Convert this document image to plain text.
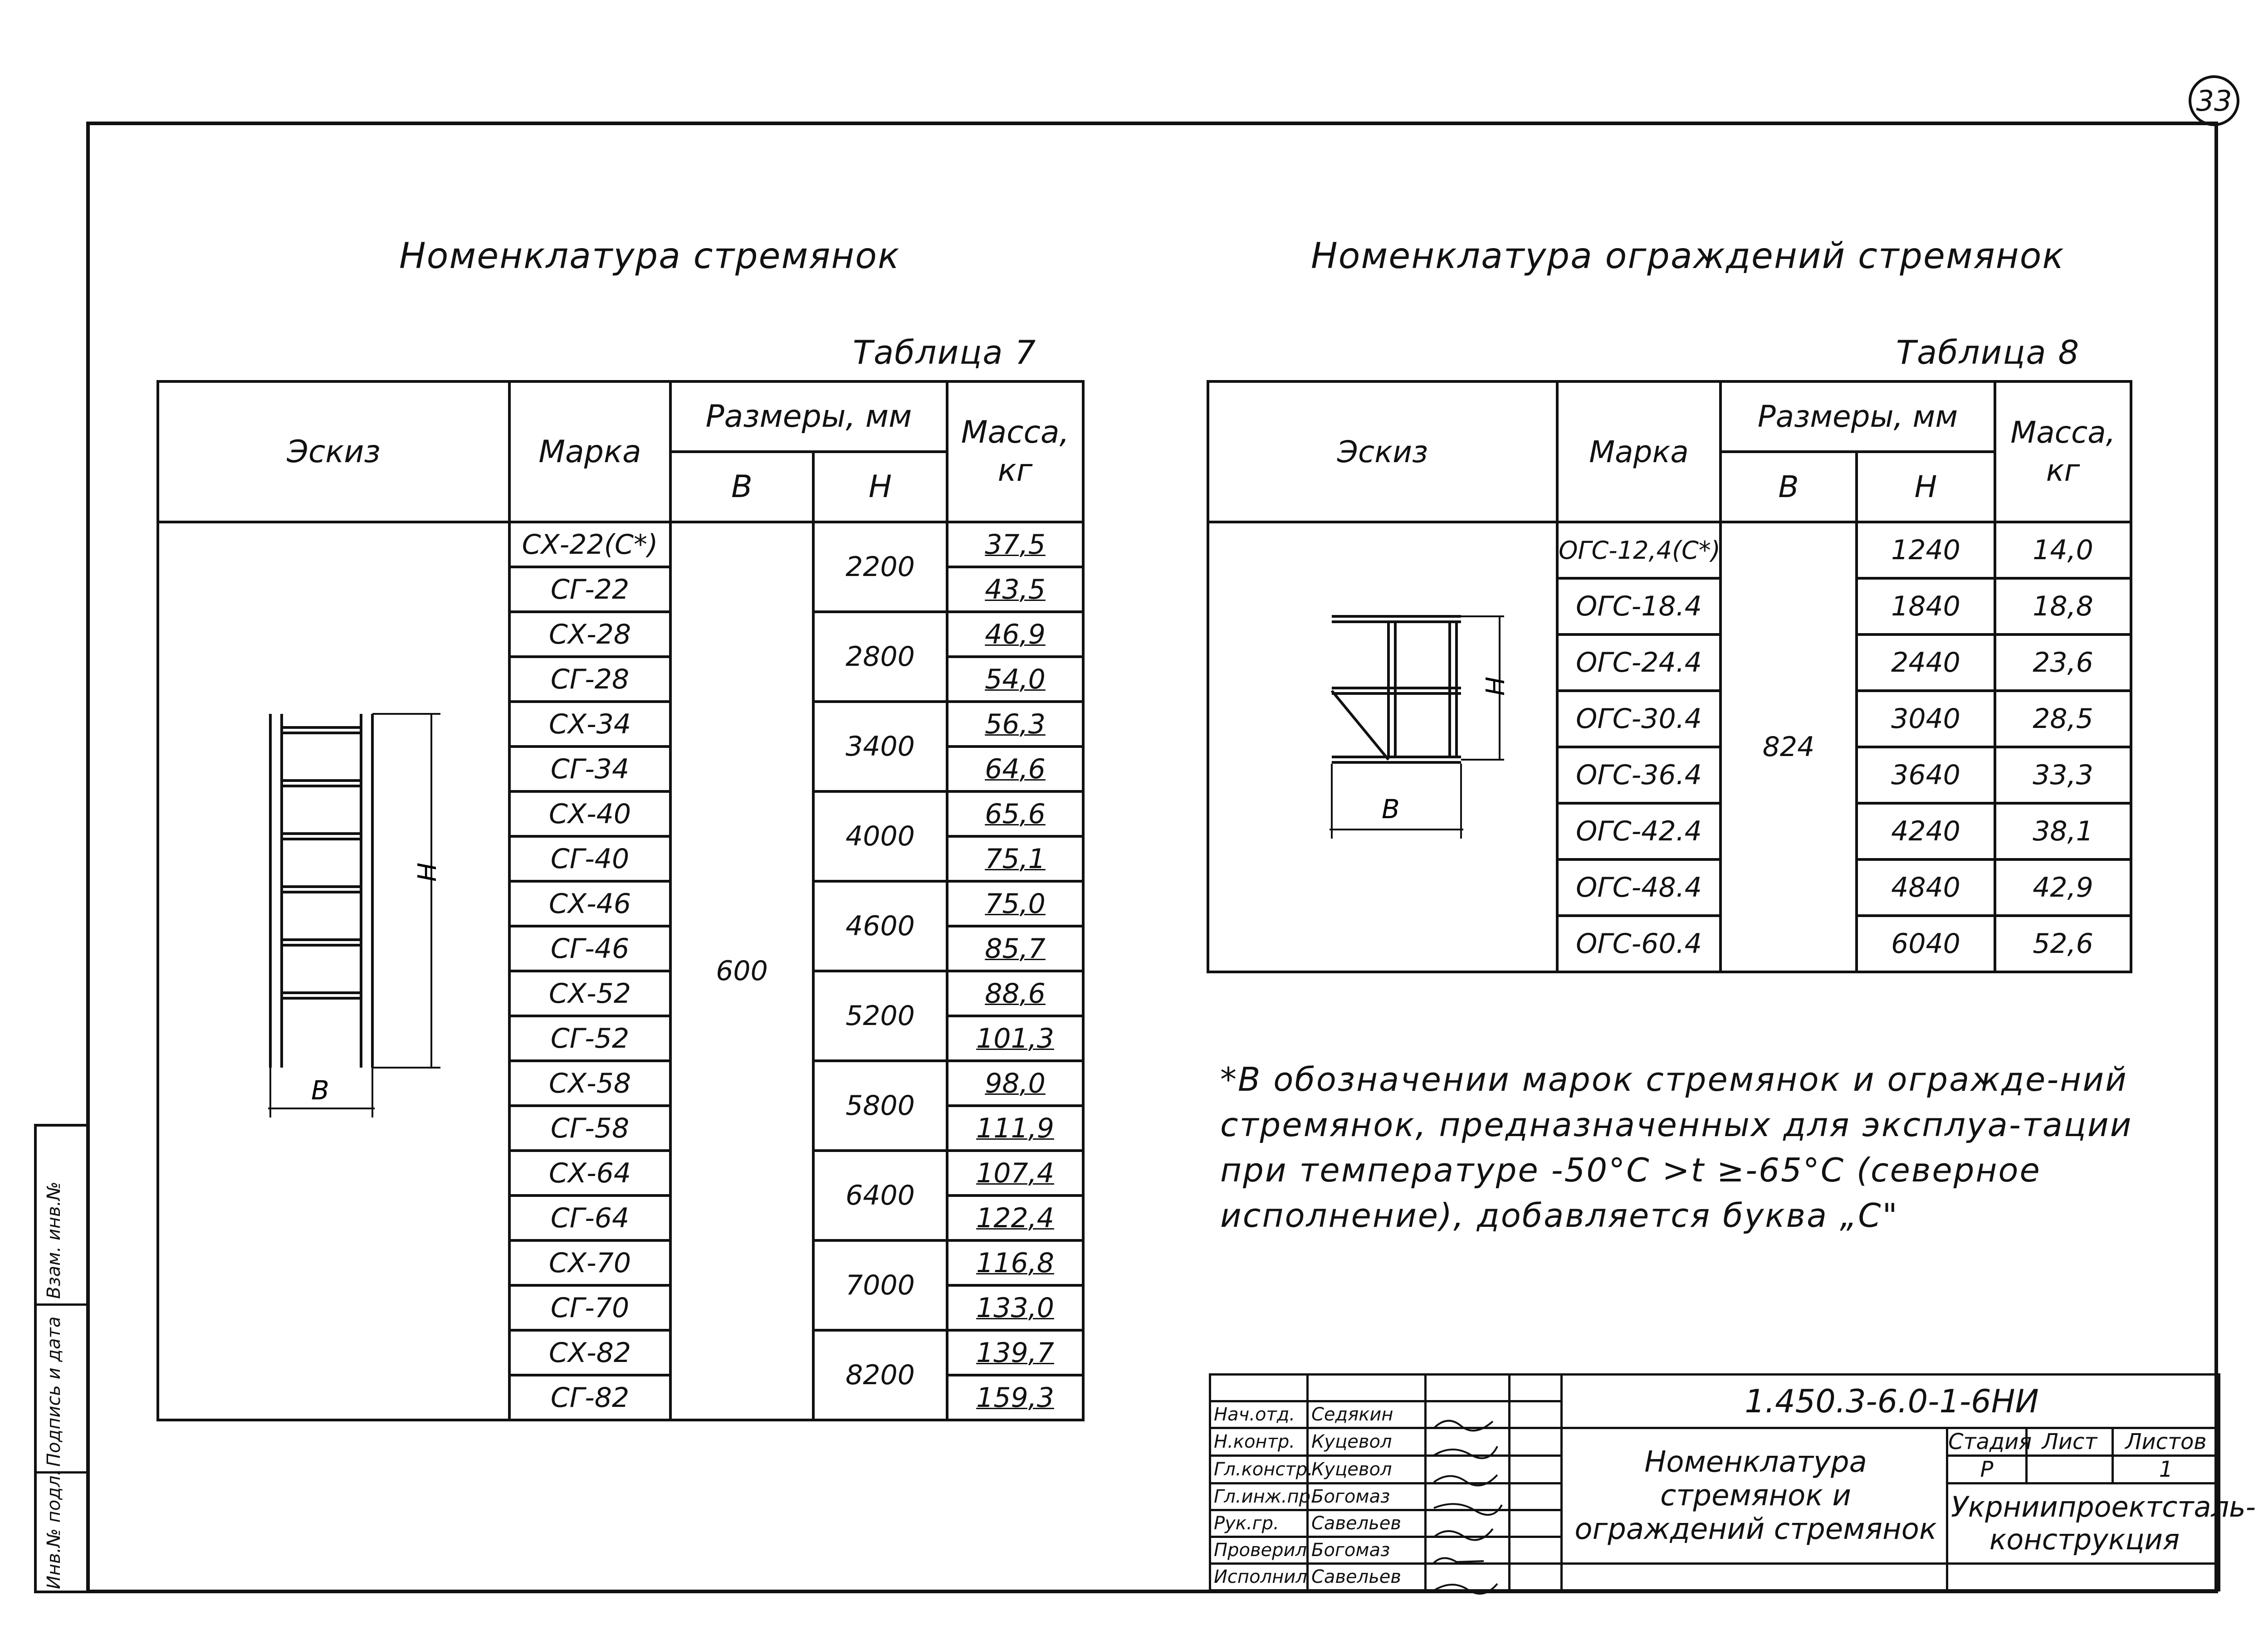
33
Инв.№ подл.
Подпись и дата
Взам. инв.№
Номенклатура стремянок
Таблица 7
Эскиз	Марка	Размеры, мм		Масса, кг
		B	H	

H
B	СХ-22(С*)	600	2200	37,5
	СГ-22			43,5
	СХ-28		2800	46,9
	СГ-28			54,0
	СХ-34		3400	56,3
	СГ-34			64,6
	СХ-40		4000	65,6
	СГ-40			75,1
	СХ-46		4600	75,0
	СГ-46			85,7
	СХ-52		5200	88,6
	СГ-52			101,3
	СХ-58		5800	98,0
	СГ-58			111,9
	СХ-64		6400	107,4
	СГ-64			122,4
	СХ-70		7000	116,8
	СГ-70			133,0
	СХ-82		8200	139,7
	СГ-82			159,3
Номенклатура ограждений стремянок
Таблица 8
Эскиз	Марка	Размеры, мм		Масса, кг
		B	H	

H
B	ОГС-12,4(С*)	824	1240	14,0
	ОГС-18.4		1840	18,8
	ОГС-24.4		2440	23,6
	ОГС-30.4		3040	28,5
	ОГС-36.4		3640	33,3
	ОГС-42.4		4240	38,1
	ОГС-48.4		4840	42,9
	ОГС-60.4		6040	52,6
*В обозначении марок стремянок и огражде-ний стремянок, предназначенных для эксплуа-тации при температуре -50°С >t ≥-65°С (северное исполнение), добавляется буква „С"
				1.450.3-6.0-1-6НИ			
Нач.отд.	Седякин	

Н.контр.	Куцевол			Номенклатура стремянок и ограждений стремянок	Стадия	Лист	Листов
Гл.констр.	Куцевол				Р		1
Гл.инж.пр.	Богомаз				Укрниипроектсталь-конструкция		
Рук.гр.	Савельев	

Проверил	Богомаз	

Исполнил	Савельев	
